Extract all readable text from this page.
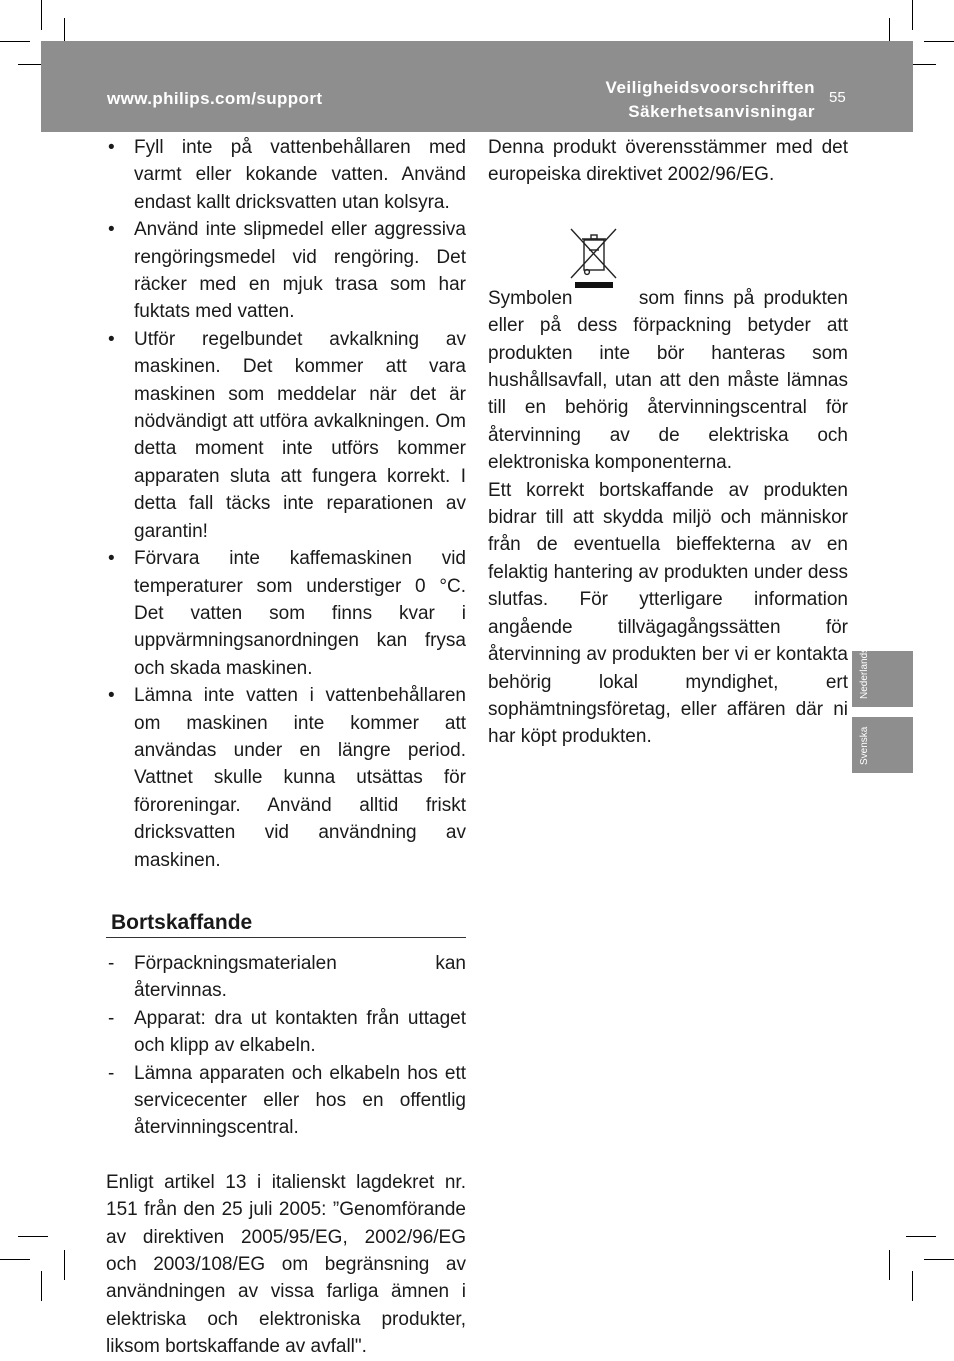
www.philips.com/support
Veiligheidsvoorschriften
Säkerhetsanvisningar
55
• Fyll inte på vattenbehållaren med varmt eller kokande vatten. Använd endast kallt dricksvatten utan kolsyra.
• Använd inte slipmedel eller aggressiva rengöringsmedel vid rengöring. Det räcker med en mjuk trasa som har fuktats med vatten.
• Utför regelbundet avkalkning av maskinen. Det kommer att vara maskinen som meddelar när det är nödvändigt att utföra avkalkningen. Om detta moment inte utförs kommer apparaten sluta att fungera korrekt. I detta fall täcks inte reparationen av garantin!
• Förvara inte kaffemaskinen vid temperaturer som understiger 0 °C. Det vatten som finns kvar i uppvärmningsanordningen kan frysa och skada maskinen.
• Lämna inte vatten i vattenbehållaren om maskinen inte kommer att användas under en längre period. Vattnet skulle kunna utsättas för föroreningar. Använd alltid friskt dricksvatten vid användning av maskinen.
Bortskaffande
- Förpackningsmaterialen kan återvinnas.
- Apparat: dra ut kontakten från uttaget och klipp av elkabeln.
- Lämna apparaten och elkabeln hos ett servicecenter eller hos en offentlig återvinningscentral.

Enligt artikel 13 i italienskt lagdekret nr. 151 från den 25 juli 2005: ”Genomförande av direktiven 2005/95/EG, 2002/96/EG och 2003/108/EG om begränsning av användningen av vissa farliga ämnen i elektriska och elektroniska produkter, liksom bortskaffande av avfall".

Denna produkt överensstämmer med det europeiska direktivet 2002/96/EG.

Symbolen	som finns på produkten eller på dess förpackning betyder att produkten inte bör hanteras som hushållsavfall, utan att den måste lämnas till en behörig återvinningscentral för återvinning av de elektriska och elektroniska komponenterna.

Ett korrekt bortskaffande av produkten bidrar till att skydda miljö och människor från de eventuella bieffekterna av en felaktig hantering av produkten under dess slutfas. För ytterligare information angående tillvägagångssätten för återvinning av produkten ber vi er kontakta behörig lokal myndighet, ert sophämtningsföretag, eller affären där ni har köpt produkten.

Nederlands
Svenska
